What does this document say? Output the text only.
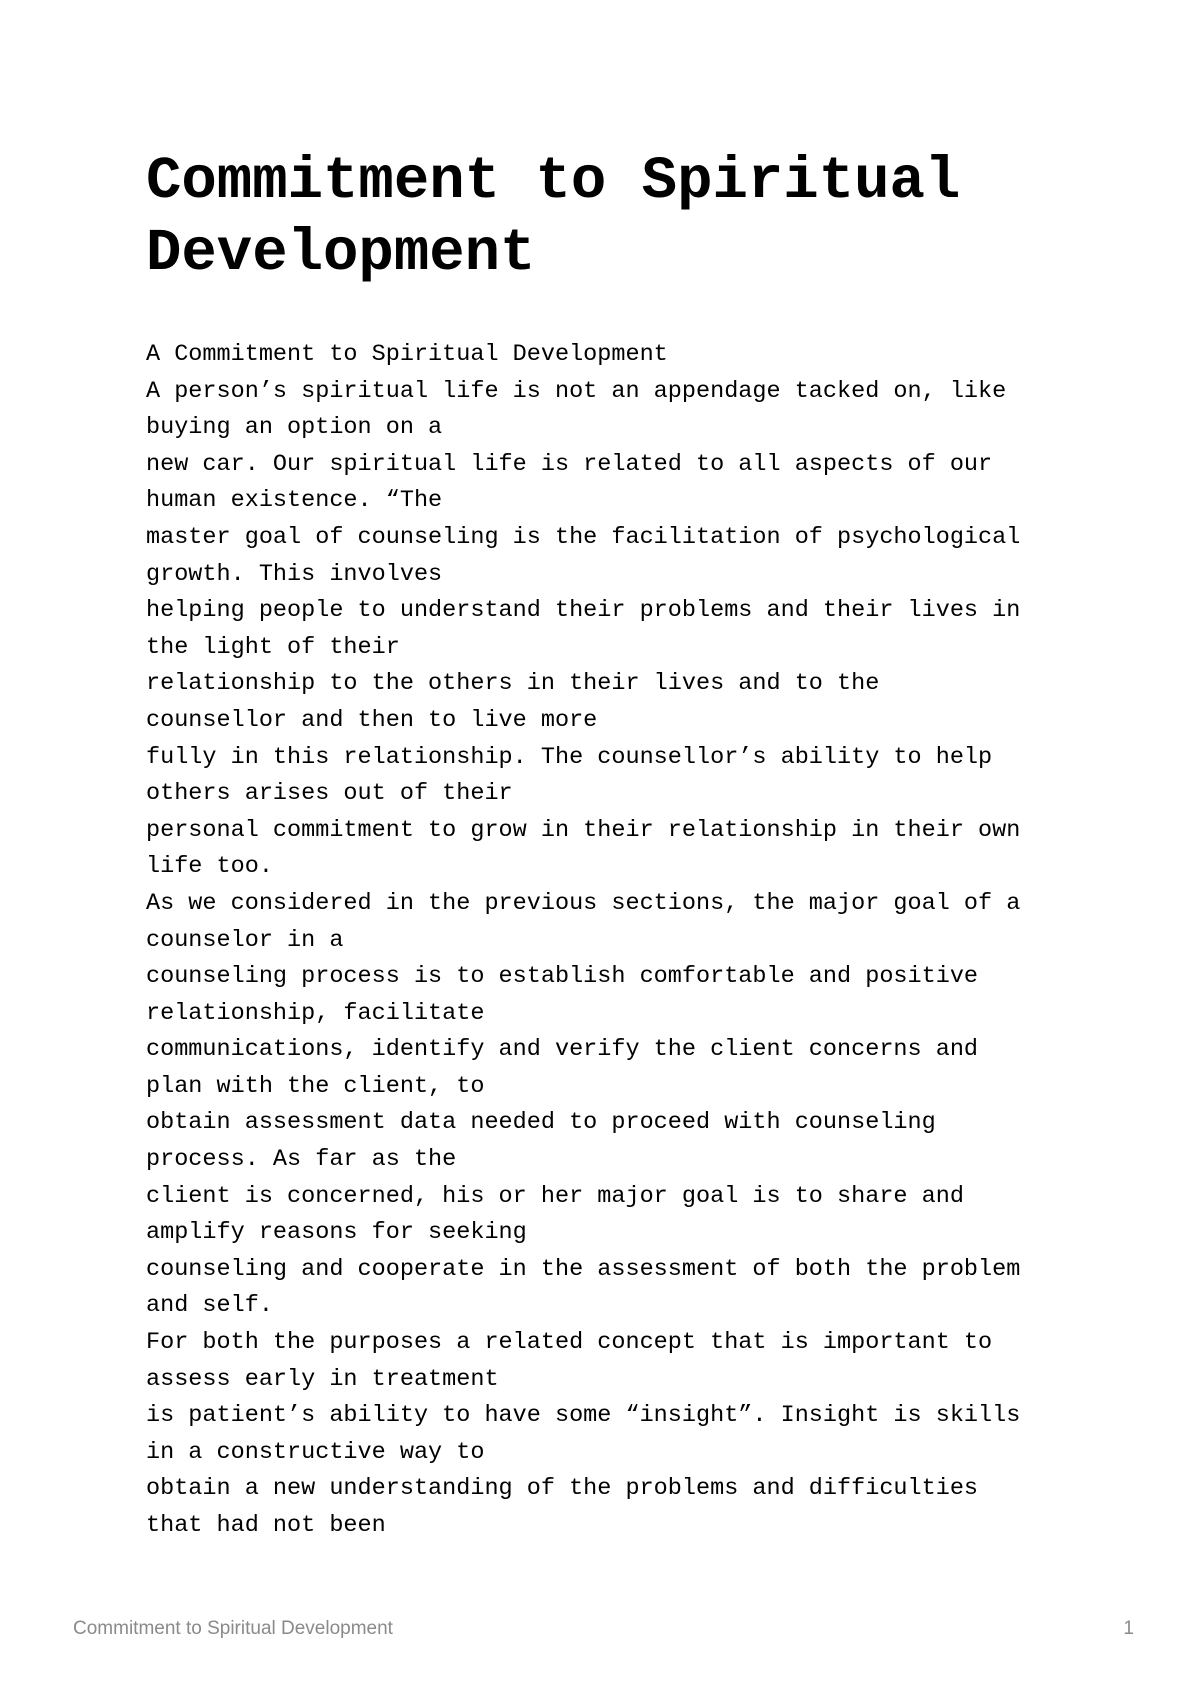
Commitment to Spiritual Development
A Commitment to Spiritual Development
A person’s spiritual life is not an appendage tacked on, like
buying an option on a
new car. Our spiritual life is related to all aspects of our
human existence. “The
master goal of counseling is the facilitation of psychological
growth. This involves
helping people to understand their problems and their lives in
the light of their
relationship to the others in their lives and to the
counsellor and then to live more
fully in this relationship. The counsellor’s ability to help
others arises out of their
personal commitment to grow in their relationship in their own
life too.
As we considered in the previous sections, the major goal of a
counselor in a
counseling process is to establish comfortable and positive
relationship, facilitate
communications, identify and verify the client concerns and
plan with the client, to
obtain assessment data needed to proceed with counseling
process. As far as the
client is concerned, his or her major goal is to share and
amplify reasons for seeking
counseling and cooperate in the assessment of both the problem
and self.
For both the purposes a related concept that is important to
assess early in treatment
is patient’s ability to have some “insight”. Insight is skills
in a constructive way to
obtain a new understanding of the problems and difficulties
that had not been
Commitment to Spiritual Development	1
